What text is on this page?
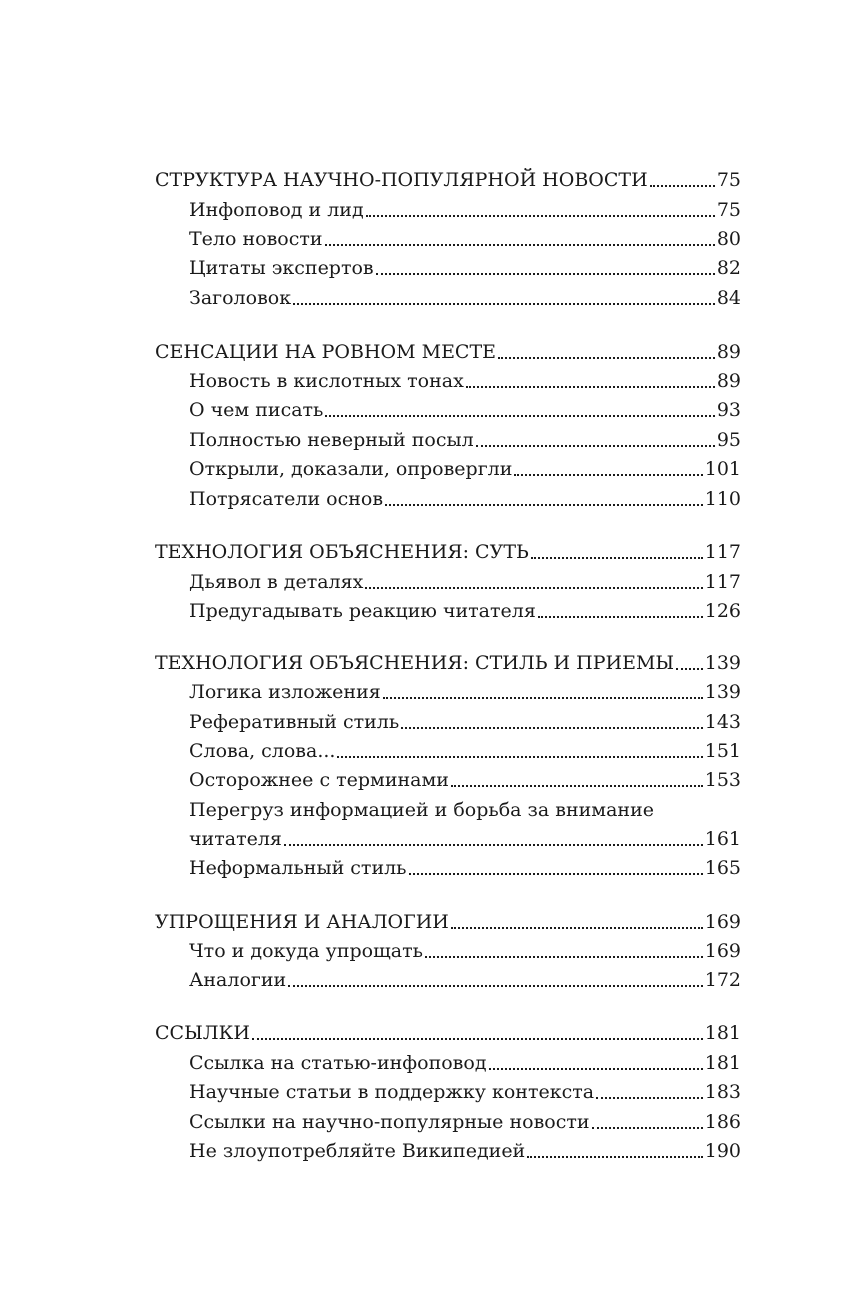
СТРУКТУРА НАУЧНО-ПОПУЛЯРНОЙ НОВОСТИ	75
Инфоповод и лид	75
Тело новости	80
Цитаты экспертов	82
Заголовок	84
СЕНСАЦИИ НА РОВНОМ МЕСТЕ	89
Новость в кислотных тонах	89
О чем писать	93
Полностью неверный посыл	95
Открыли, доказали, опровергли	101
Потрясатели основ	110
ТЕХНОЛОГИЯ ОБЪЯСНЕНИЯ: СУТЬ	117
Дьявол в деталях	117
Предугадывать реакцию читателя	126
ТЕХНОЛОГИЯ ОБЪЯСНЕНИЯ: СТИЛЬ И ПРИЕМЫ 139
Логика изложения	139
Реферативный стиль	143
Слова, слова...	151
Осторожнее с терминами	153
Перегруз информацией и борьба за внимание
читателя	161
Неформальный стиль	165
УПРОЩЕНИЯ И АНАЛОГИИ	169
Что и докуда упрощать	169
Аналогии	172
ССЫЛКИ	181
Ссылка на статью-инфоповод	181
Научные статьи в поддержку контекста	183
Ссылки на научно-популярные новости	186
Не злоупотребляйте Википедией	190
